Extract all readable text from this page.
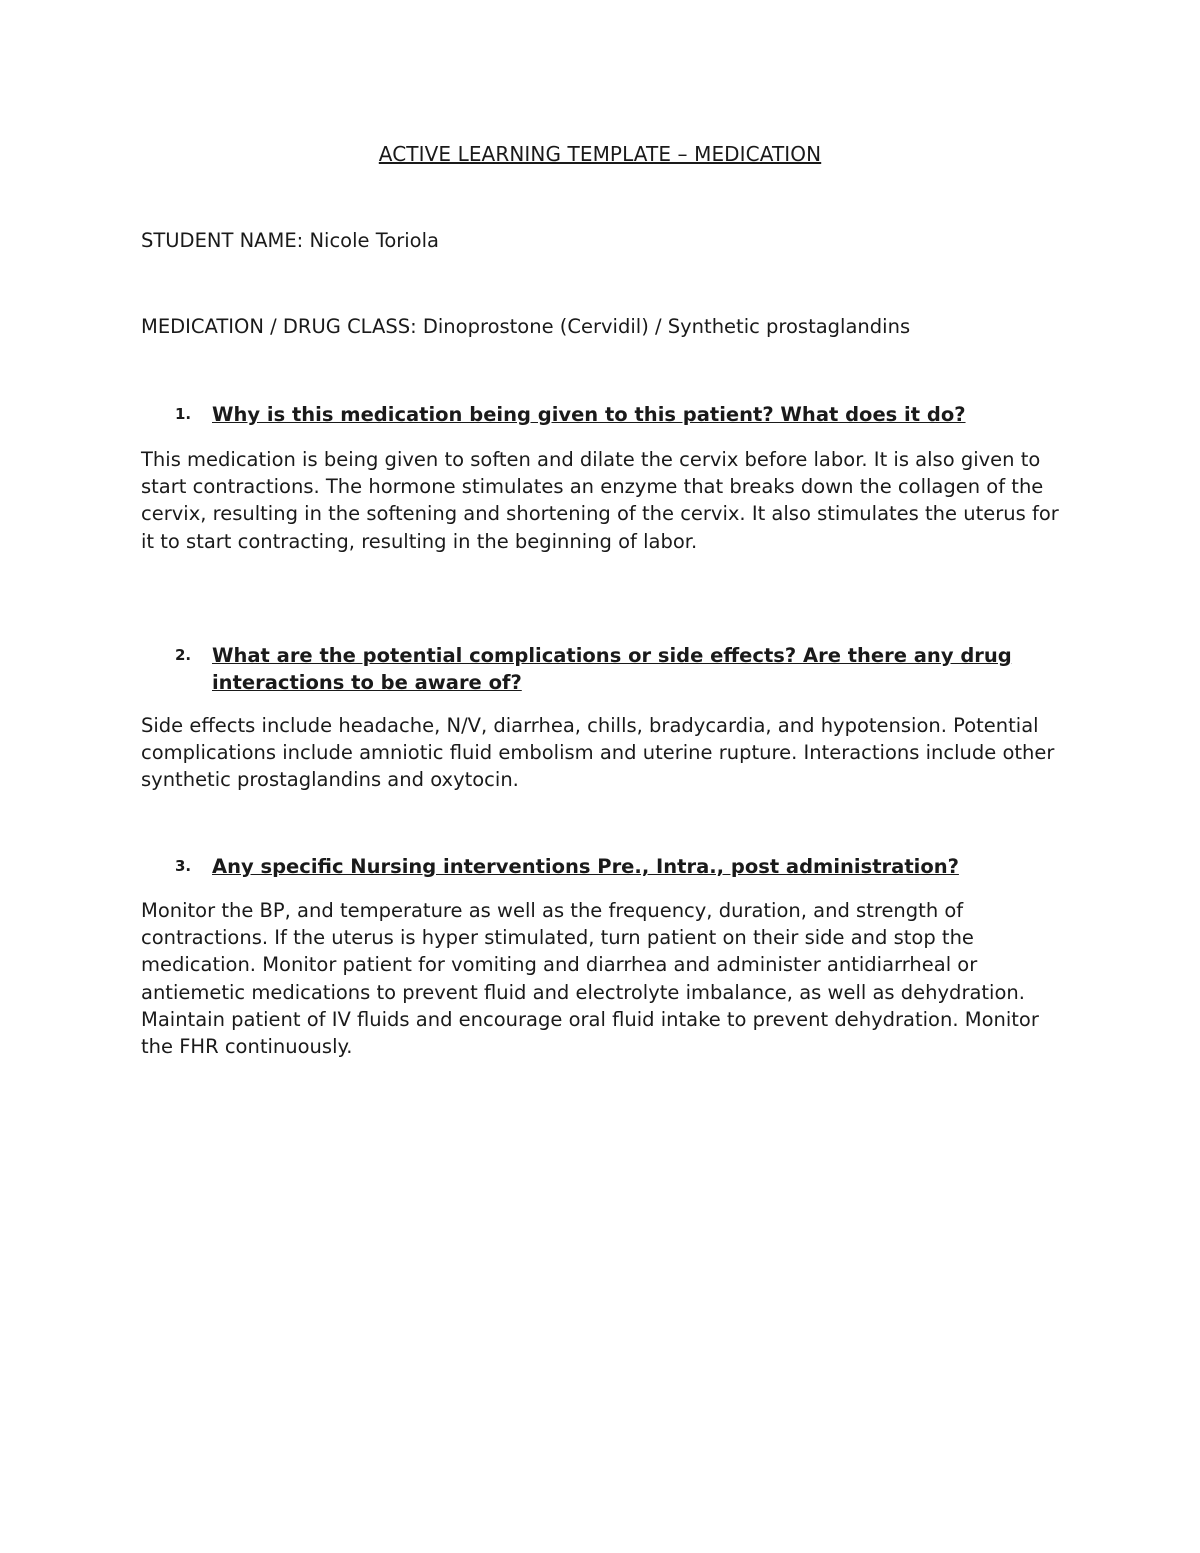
ACTIVE LEARNING TEMPLATE – MEDICATION
STUDENT NAME: Nicole Toriola
MEDICATION / DRUG CLASS: Dinoprostone (Cervidil) / Synthetic prostaglandins
1. Why is this medication being given to this patient? What does it do?
This medication is being given to soften and dilate the cervix before labor. It is also given to start contractions. The hormone stimulates an enzyme that breaks down the collagen of the cervix, resulting in the softening and shortening of the cervix. It also stimulates the uterus for it to start contracting, resulting in the beginning of labor.
2. What are the potential complications or side effects? Are there any drug interactions to be aware of?
Side effects include headache, N/V, diarrhea, chills, bradycardia, and hypotension. Potential complications include amniotic fluid embolism and uterine rupture. Interactions include other synthetic prostaglandins and oxytocin.
3. Any specific Nursing interventions Pre., Intra., post administration?
Monitor the BP, and temperature as well as the frequency, duration, and strength of contractions. If the uterus is hyper stimulated, turn patient on their side and stop the medication. Monitor patient for vomiting and diarrhea and administer antidiarrheal or antiemetic medications to prevent fluid and electrolyte imbalance, as well as dehydration. Maintain patient of IV fluids and encourage oral fluid intake to prevent dehydration. Monitor the FHR continuously.
